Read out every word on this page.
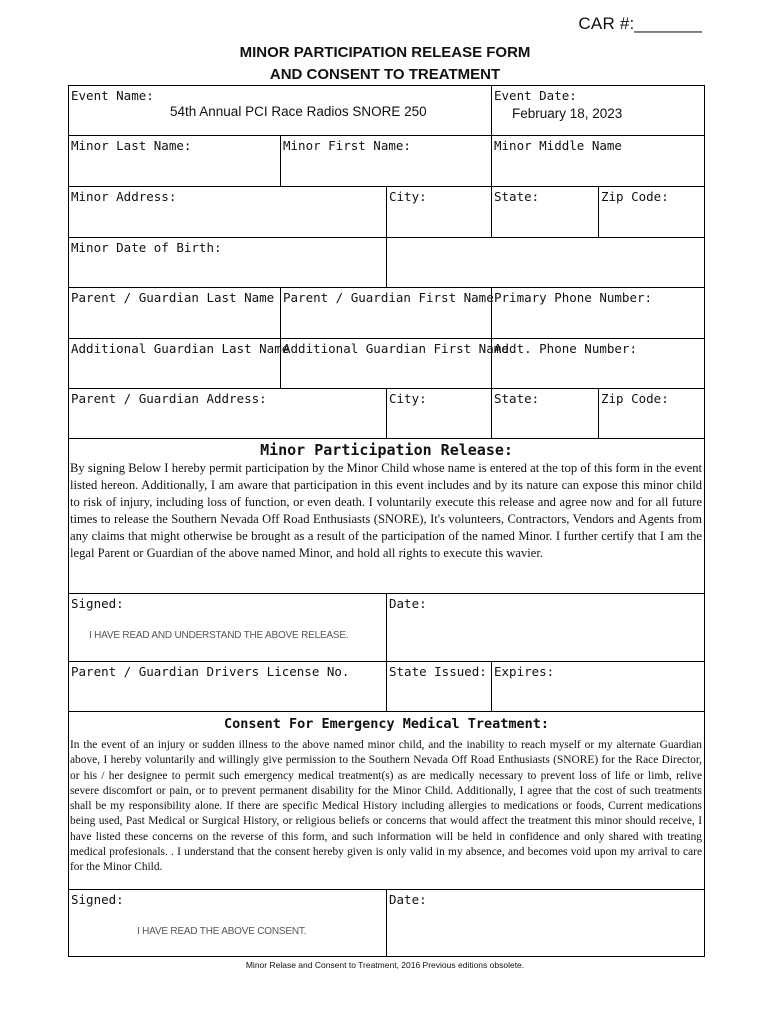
CAR #:_______
MINOR PARTICIPATION RELEASE FORM
AND CONSENT TO TREATMENT
Event Name:
54th Annual PCI Race Radios SNORE 250
Event Date:
February 18, 2023
Minor Last Name:	Minor First Name:	Minor Middle Name
Minor Address:	City:	State:	Zip Code:
Minor Date of Birth:
Parent / Guardian Last Name Parent / Guardian First Name Primary Phone Number:
Additional Guardian Last Name
Additional Guardian First Name
Addt. Phone Number:
Parent / Guardian Address:	City:	State:	Zip Code:
Minor Participation Release:
By signing Below I hereby permit participation by the Minor Child whose name is entered at the top of this form in the event listed hereon. Additionally, I am aware that participation in this event includes and by its nature can expose this minor child to risk of injury, including loss of function, or even death. I voluntarily execute this release and agree now and for all future times to release the Southern Nevada Off Road Enthusiasts (SNORE), It's volunteers, Contractors, Vendors and Agents from any claims that might otherwise be brought as a result of the participation of the named Minor. I further certify that I am the legal Parent or Guardian of the above named Minor, and hold all rights to execute this wavier.
Signed:
I HAVE READ AND UNDERSTAND THE ABOVE RELEASE.
Date:
Parent / Guardian Drivers License No.	State Issued: Expires:
Consent For Emergency Medical Treatment:
In the event of an injury or sudden illness to the above named minor child, and the inability to reach myself or my alternate Guardian above, I hereby voluntarily and willingly give permission to the Southern Nevada Off Road Enthusiasts (SNORE) for the Race Director, or his / her designee to permit such emergency medical treatment(s) as are medically necessary to prevent loss of life or limb, relive severe discomfort or pain, or to prevent permanent disability for the Minor Child. Additionally, I agree that the cost of such treatments shall be my responsibility alone. If there are specific Medical History including allergies to medications or foods, Current medications being used, Past Medical or Surgical History, or religious beliefs or concerns that would affect the treatment this minor should receive, I have listed these concerns on the reverse of this form, and such information will be held in confidence and only shared with treating medical profesionals. . I understand that the consent hereby given is only valid in my absence, and becomes void upon my arrival to care for the Minor Child.
Signed:
I HAVE READ THE ABOVE CONSENT.
Date:
Minor Relase and Consent to Treatment, 2016 Previous editions obsolete.
